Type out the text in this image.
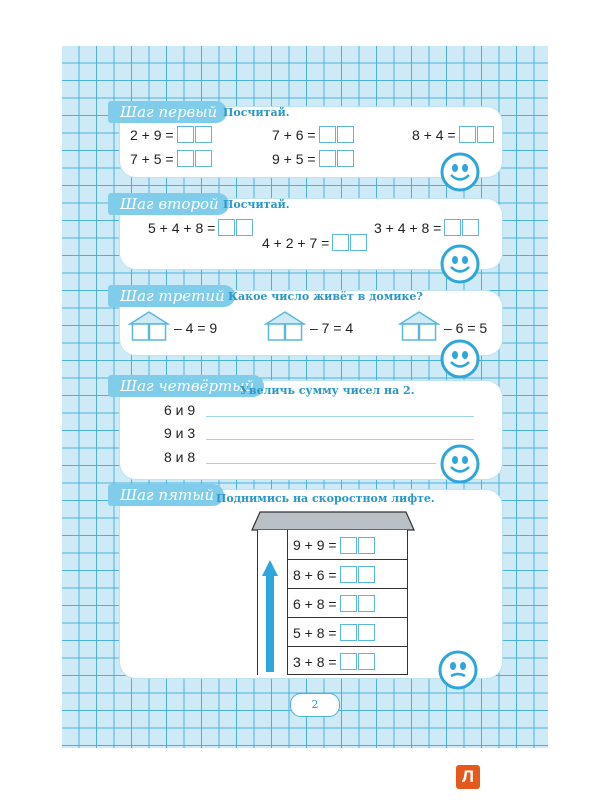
Шаг первый Посчитай.
2 + 9 =	7 + 6 =	8 + 4 =
7 + 5 =	9 + 5 =
Шаг второй Посчитай.
5 + 4 + 8 =	3 + 4 + 8 =
4 + 2 + 7 =
Шаг третий Какое число живёт в домике?
– 4 = 9	– 7 = 4	– 6 = 5
Шаг четвёртый
Увеличь сумму чисел на 2.
6 и 9
9 и 3
8 и 8
Шаг пятый Поднимись на скоростном лифте.
9 + 9 =
8 + 6 =
6 + 8 =
5 + 8 =
3 + 8 =
2
Л
